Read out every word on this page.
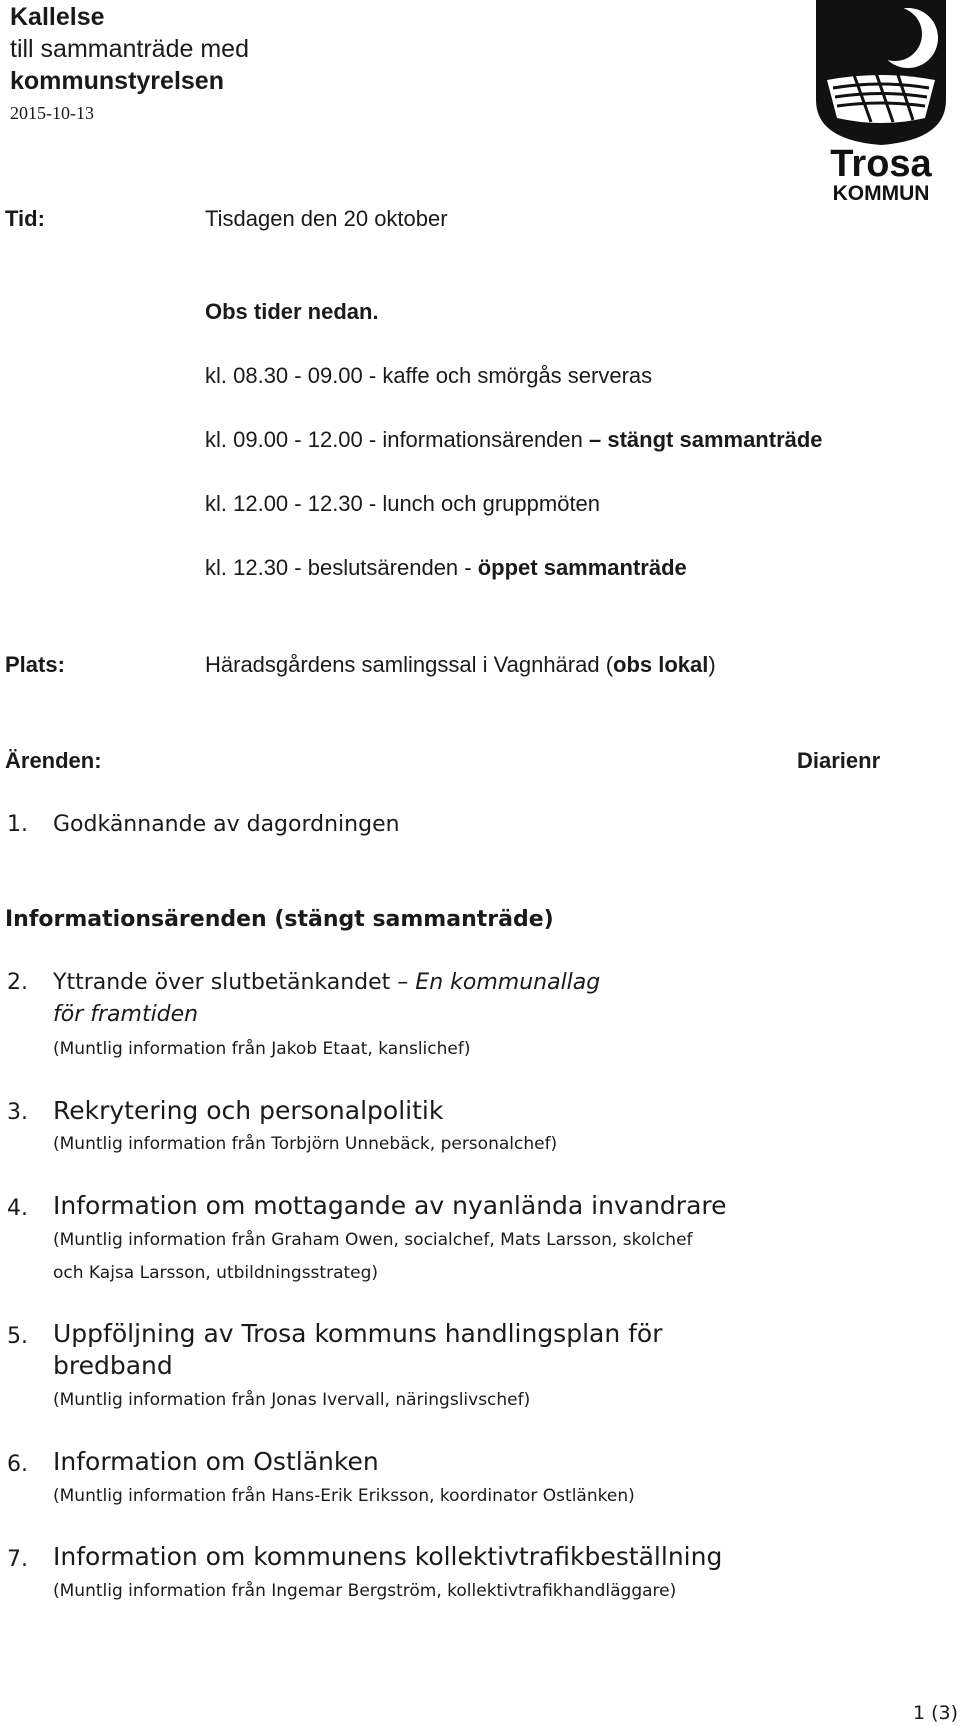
Kallelse
till sammanträde med
kommunstyrelsen
2015-10-13
Trosa
KOMMUN
Tid:	Tisdagen den 20 oktober
Obs tider nedan.
kl. 08.30 - 09.00 - kaffe och smörgås serveras
kl. 09.00 - 12.00 - informationsärenden – stängt sammanträde
kl. 12.00 - 12.30 - lunch och gruppmöten
kl. 12.30 - beslutsärenden - öppet sammanträde
Plats:	Häradsgårdens samlingssal i Vagnhärad (obs lokal)
Ärenden:	Diarienr
1. Godkännande av dagordningen
Informationsärenden (stängt sammanträde)
2. Yttrande över slutbetänkandet – En kommunallag
för framtiden
(Muntlig information från Jakob Etaat, kanslichef)
3. Rekrytering och personalpolitik
(Muntlig information från Torbjörn Unnebäck, personalchef)
4. Information om mottagande av nyanlända invandrare
(Muntlig information från Graham Owen, socialchef, Mats Larsson, skolchef
och Kajsa Larsson, utbildningsstrateg)
5. Uppföljning av Trosa kommuns handlingsplan för
bredband
(Muntlig information från Jonas Ivervall, näringslivschef)
6. Information om Ostlänken
(Muntlig information från Hans-Erik Eriksson, koordinator Ostlänken)
7. Information om kommunens kollektivtrafikbeställning
(Muntlig information från Ingemar Bergström, kollektivtrafikhandläggare)
1 (3)
